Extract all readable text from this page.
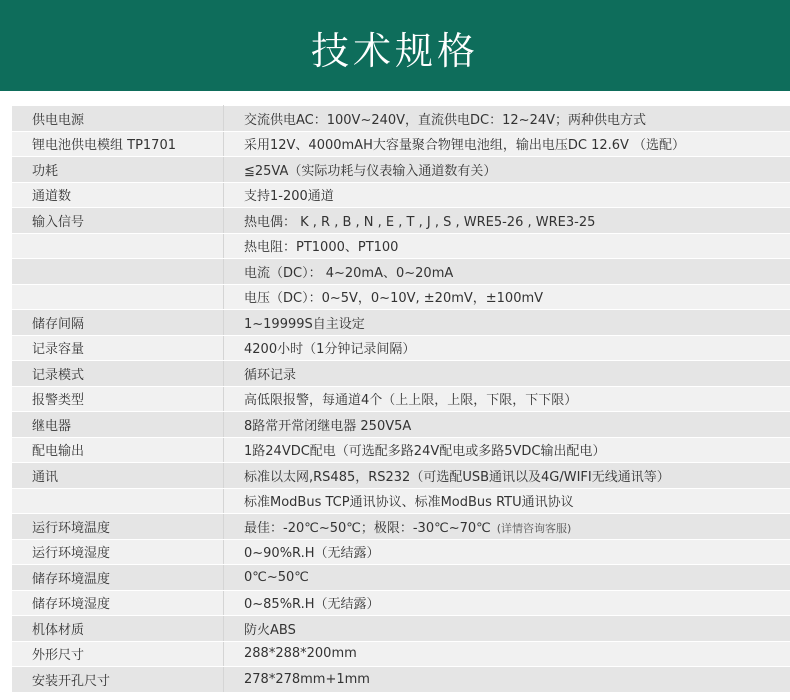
技术规格
供电电源	交流供电AC：100V~240V，直流供电DC：12~24V；两种供电方式
锂电池供电模组 TP1701	采用12V、4000mAH大容量聚合物锂电池组，输出电压DC 12.6V （选配）
功耗	≦25VA（实际功耗与仪表输入通道数有关）
通道数	支持1-200通道
输入信号	热电偶： K , R , B , N , E , T , J , S , WRE5-26 , WRE3-25
	热电阻：PT1000、PT100
	电流（DC）： 4~20mA、0~20mA
	电压（DC）：0~5V，0~10V, ±20mV，±100mV
储存间隔	1~19999S自主设定
记录容量	4200小时（1分钟记录间隔）
记录模式	循环记录
报警类型	高低限报警，每通道4个（上上限，上限，下限，下下限）
继电器	8路常开常闭继电器 250V5A
配电输出	1路24VDC配电（可选配多路24V配电或多路5VDC输出配电）
通讯	标准以太网,RS485，RS232（可选配USB通讯以及4G/WIFI无线通讯等）
	标准ModBus TCP通讯协议、标准ModBus RTU通讯协议
运行环境温度	最佳：-20℃~50℃；极限：-30℃~70℃ (详情咨询客服)
运行环境湿度	0~90%R.H（无结露）
储存环境温度	0℃~50℃
储存环境湿度	0~85%R.H（无结露）
机体材质	防火ABS
外形尺寸	288*288*200mm
安装开孔尺寸	278*278mm+1mm
